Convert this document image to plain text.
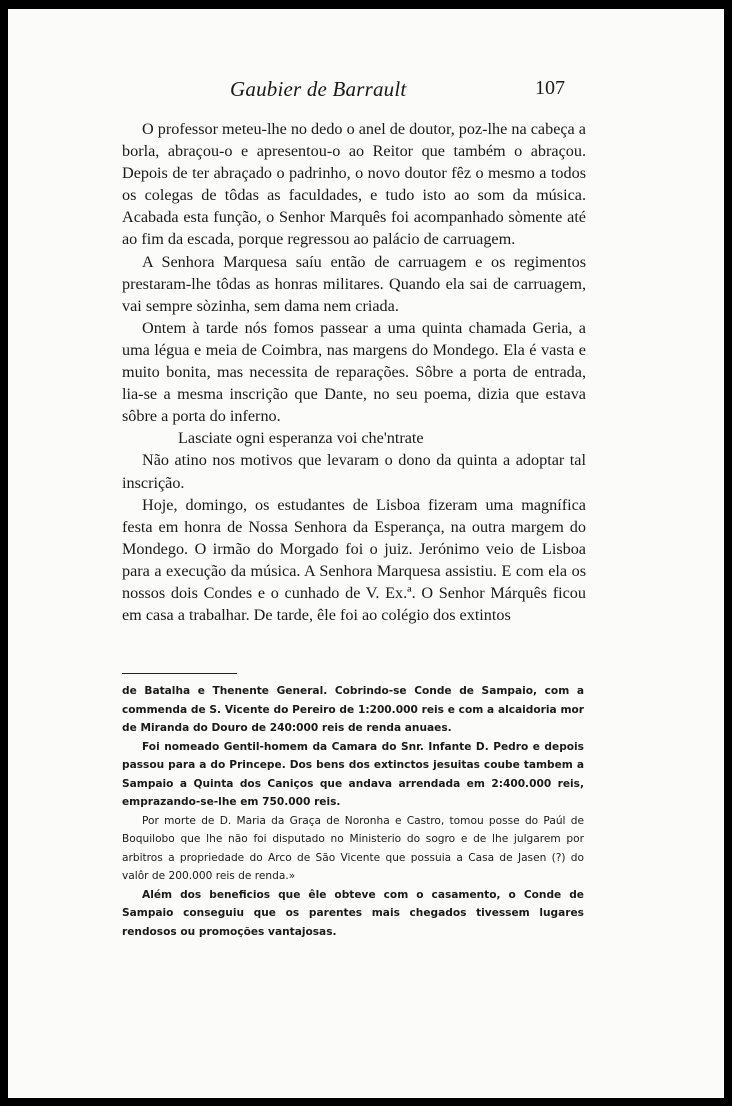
Gaubier de Barrault	107

O professor meteu-lhe no dedo o anel de doutor, poz-lhe na cabeça a borla, abraçou-o e apresentou-o ao Reitor que também o abraçou. Depois de ter abraçado o padrinho, o novo doutor fêz o mesmo a todos os colegas de tôdas as faculdades, e tudo isto ao som da música. Acabada esta função, o Senhor Marquês foi acompanhado sòmente até ao fim da escada, porque regressou ao palácio de carruagem.

A Senhora Marquesa saíu então de carruagem e os regimentos prestaram-lhe tôdas as honras militares. Quando ela sai de carruagem, vai sempre sòzinha, sem dama nem criada.

Ontem à tarde nós fomos passear a uma quinta chamada Geria, a uma légua e meia de Coimbra, nas margens do Mondego. Ela é vasta e muito bonita, mas necessita de reparações. Sôbre a porta de entrada, lia-se a mesma inscrição que Dante, no seu poema, dizia que estava sôbre a porta do inferno.

Lasciate ogni esperanza voi che'ntrate

Não atino nos motivos que levaram o dono da quinta a adoptar tal inscrição.

Hoje, domingo, os estudantes de Lisboa fizeram uma magnífica festa em honra de Nossa Senhora da Esperança, na outra margem do Mondego. O irmão do Morgado foi o juiz. Jerónimo veio de Lisboa para a execução da música. A Senhora Marquesa assistiu. E com ela os nossos dois Condes e o cunhado de V. Ex.ª. O Senhor Márquês ficou em casa a trabalhar. De tarde, êle foi ao colégio dos extintos

de Batalha e Thenente General. Cobrindo-se Conde de Sampaio, com a commenda de S. Vicente do Pereiro de 1:200.000 reis e com a alcaidoria mor de Miranda do Douro de 240:000 reis de renda anuaes.

Foi nomeado Gentil-homem da Camara do Snr. Infante D. Pedro e depois passou para a do Princepe. Dos bens dos extinctos jesuitas coube tambem a Sampaio a Quinta dos Caniços que andava arrendada em 2:400.000 reis, emprazando-se-lhe em 750.000 reis.

Por morte de D. Maria da Graça de Noronha e Castro, tomou posse do Paúl de Boquilobo que lhe não foi disputado no Ministerio do sogro e de lhe julgarem por arbitros a propriedade do Arco de São Vicente que possuia a Casa de Jasen (?) do valôr de 200.000 reis de renda.»

Além dos beneficios que êle obteve com o casamento, o Conde de Sampaio conseguiu que os parentes mais chegados tivessem lugares rendosos ou promoções vantajosas.
